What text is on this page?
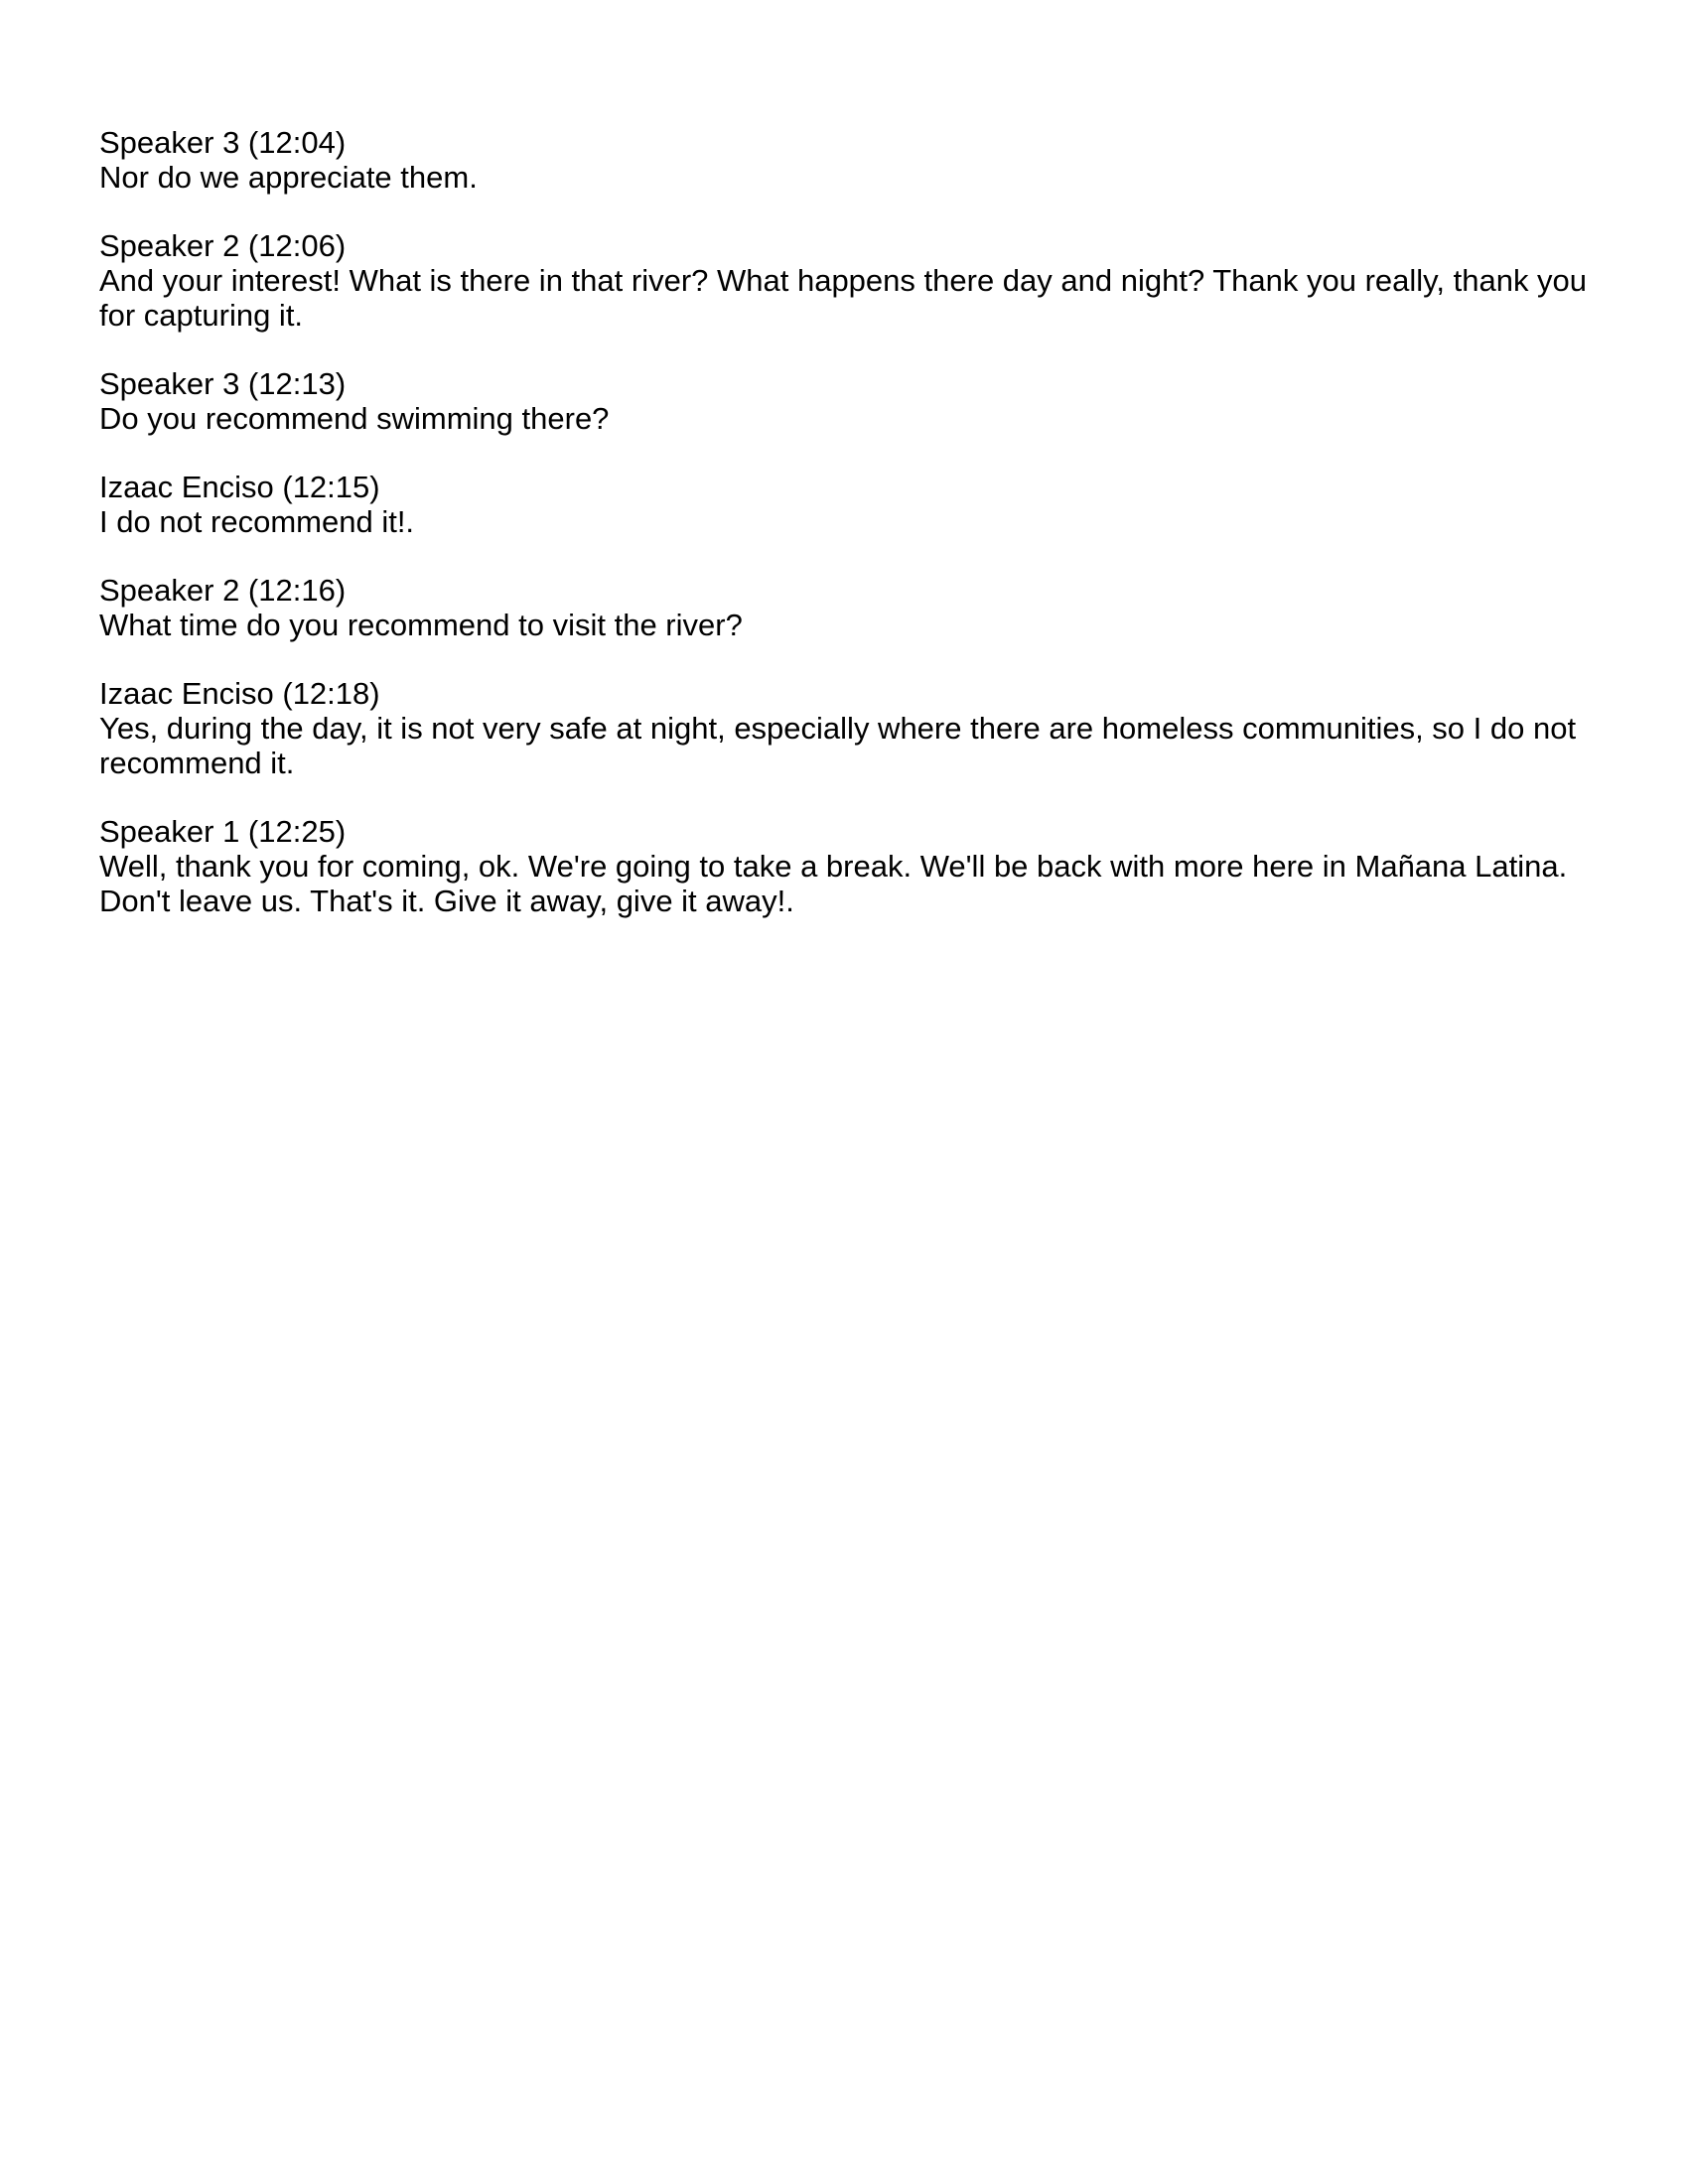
Speaker 3 (12:04)
Nor do we appreciate them.
Speaker 2 (12:06)
And your interest! What is there in that river? What happens there day and night? Thank you really, thank you for capturing it.
Speaker 3 (12:13)
Do you recommend swimming there?
Izaac Enciso (12:15)
I do not recommend it!.
Speaker 2 (12:16)
What time do you recommend to visit the river?
Izaac Enciso (12:18)
Yes, during the day, it is not very safe at night, especially where there are homeless communities, so I do not recommend it.
Speaker 1 (12:25)
Well, thank you for coming, ok. We're going to take a break. We'll be back with more here in Mañana Latina. Don't leave us. That's it. Give it away, give it away!.
